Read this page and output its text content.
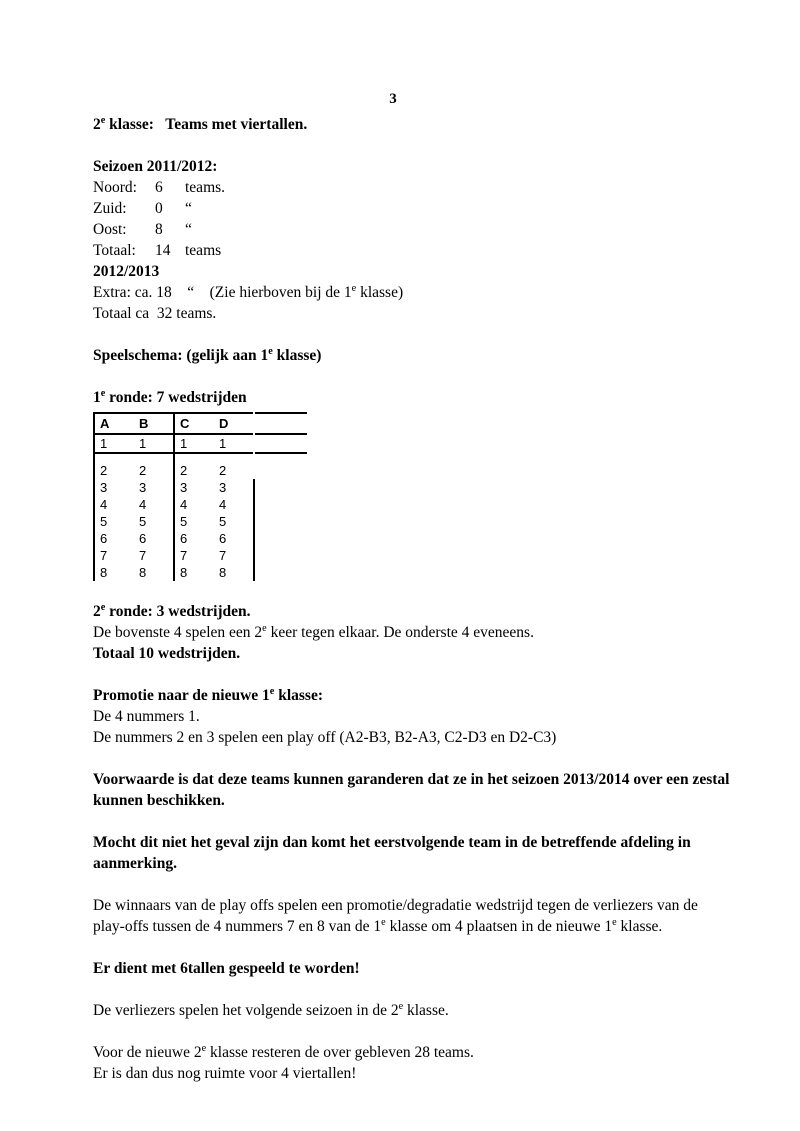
3
2e klasse:   Teams met viertallen.
Seizoen 2011/2012:
Noord:	6 teams.
Zuid:	0 “
Oost:	8 “
Totaal:	14 teams
2012/2013
Extra: ca. 18    “    (Zie hierboven bij de 1e klasse)
Totaal ca  32 teams.
Speelschema: (gelijk aan 1e klasse)
1e ronde: 7 wedstrijden
A	B	C	D	
1	1	1	1	

2	2	2	2	
3	3	3	3	
4	4	4	4	
5	5	5	5	
6	6	6	6	
7	7	7	7	
8	8	8	8	
2e ronde: 3 wedstrijden.
De bovenste 4 spelen een 2e keer tegen elkaar. De onderste 4 eveneens.
Totaal 10 wedstrijden.
Promotie naar de nieuwe 1e klasse:
De 4 nummers 1.
De nummers 2 en 3 spelen een play off (A2-B3, B2-A3, C2-D3 en D2-C3)
Voorwaarde is dat deze teams kunnen garanderen dat ze in het seizoen 2013/2014 over een zestal kunnen beschikken.
Mocht dit niet het geval zijn dan komt het eerstvolgende team in de betreffende afdeling in aanmerking.
De winnaars van de play offs spelen een promotie/degradatie wedstrijd tegen de verliezers van de play-offs tussen de 4 nummers 7 en 8 van de 1e klasse om 4 plaatsen in de nieuwe 1e klasse.
Er dient met 6tallen gespeeld te worden!
De verliezers spelen het volgende seizoen in de 2e klasse.
Voor de nieuwe 2e klasse resteren de over gebleven 28 teams.
Er is dan dus nog ruimte voor 4 viertallen!
